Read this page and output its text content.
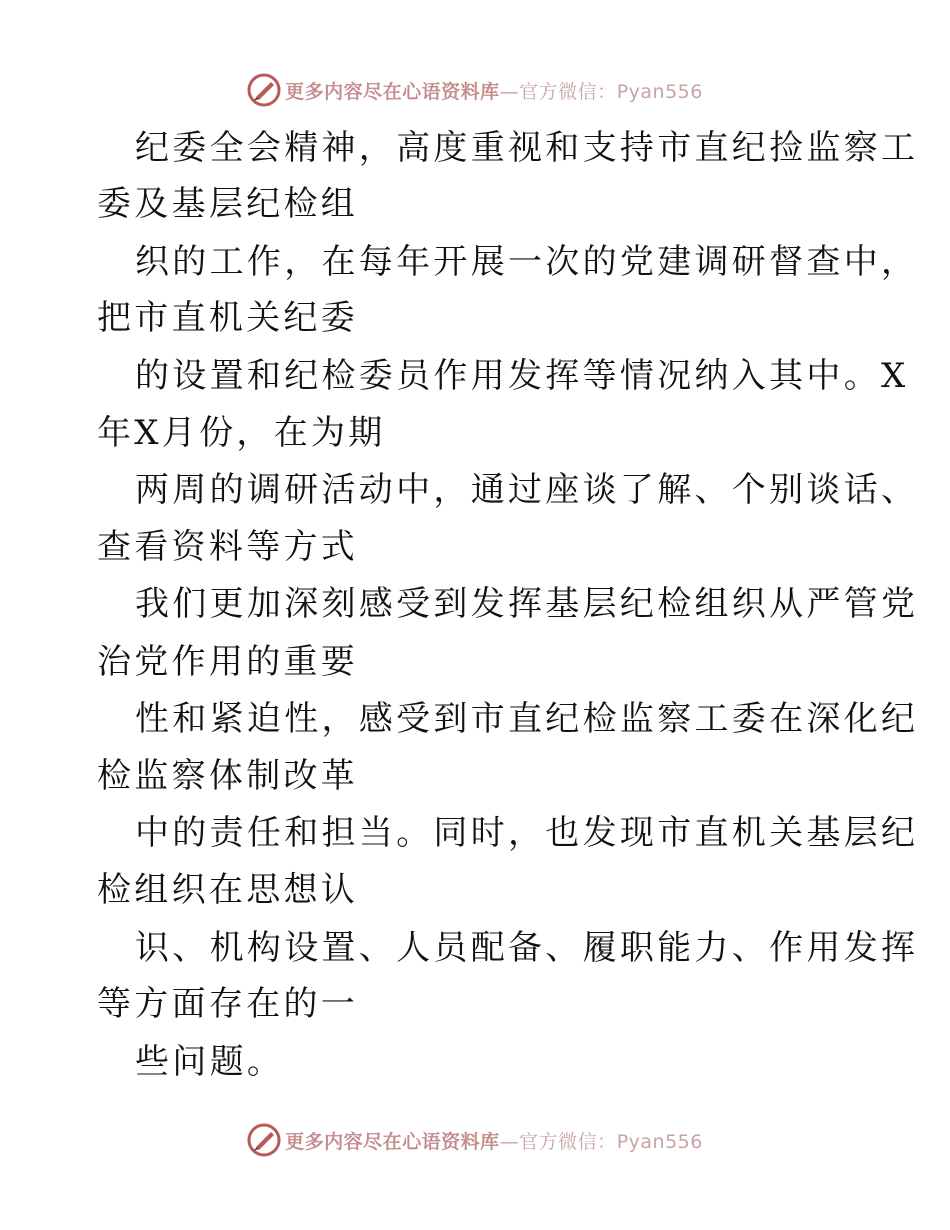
更多内容尽在心语资料库—官方微信：Pyan556
纪委全会精神，高度重视和支持市直纪捡监察工
委及基层纪检组
织的工作，在每年开展一次的党建调研督查中，
把市直机关纪委
的设置和纪检委员作用发挥等情况纳入其中。X
年X月份，在为期
两周的调研活动中，通过座谈了解、个别谈话、
查看资料等方式
我们更加深刻感受到发挥基层纪检组织从严管党
治党作用的重要
性和紧迫性，感受到市直纪检监察工委在深化纪
检监察体制改革
中的责任和担当。同时，也发现市直机关基层纪
检组织在思想认
识、机构设置、人员配备、履职能力、作用发挥
等方面存在的一
些问题。
更多内容尽在心语资料库—官方微信：Pyan556
